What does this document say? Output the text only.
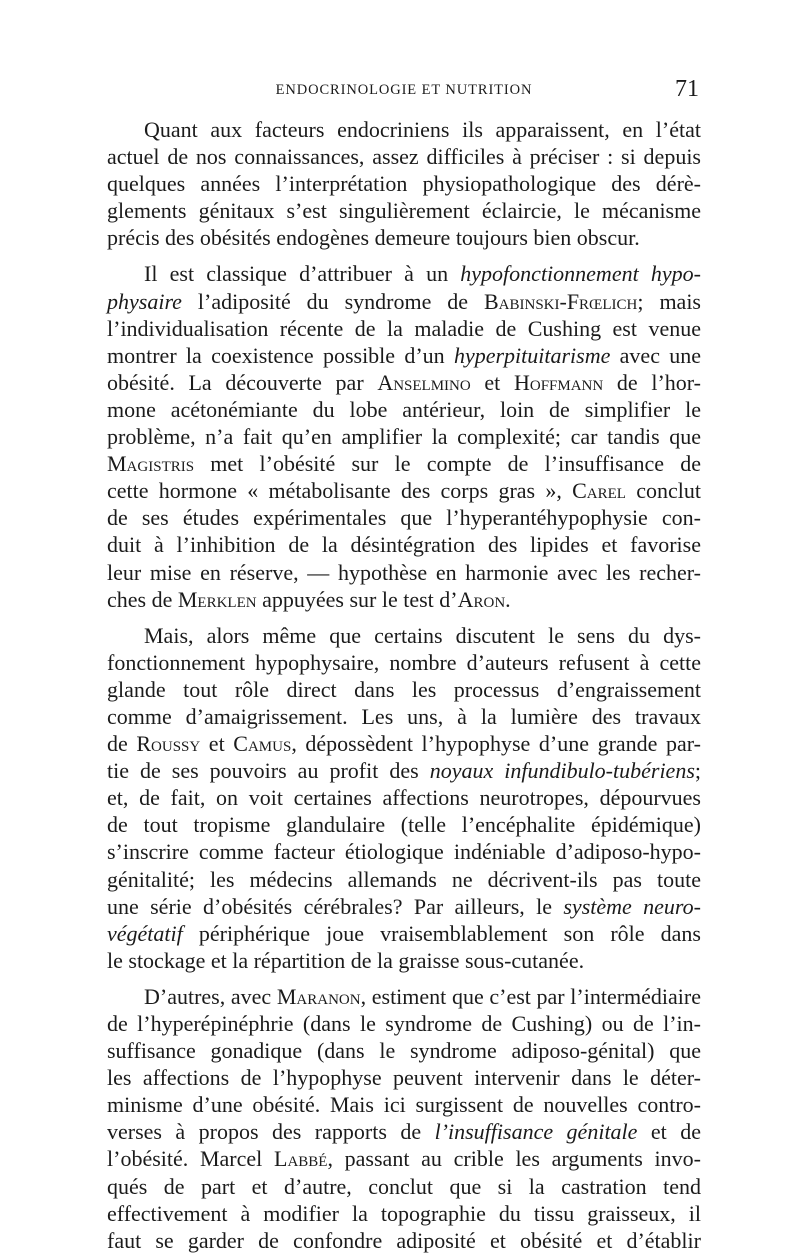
ENDOCRINOLOGIE ET NUTRITION	71
Quant aux facteurs endocriniens ils apparaissent, en l’état
actuel de nos connaissances, assez difficiles à préciser : si depuis
quelques années l’interprétation physiopathologique des dérè-
glements génitaux s’est singulièrement éclaircie, le mécanisme
précis des obésités endogènes demeure toujours bien obscur.
Il est classique d’attribuer à un hypofonctionnement hypo-
physaire l’adiposité du syndrome de Babinski-Frœlich; mais
l’individualisation récente de la maladie de Cushing est venue
montrer la coexistence possible d’un hyperpituitarisme avec une
obésité. La découverte par Anselmino et Hoffmann de l’hor-
mone acétonémiante du lobe antérieur, loin de simplifier le
problème, n’a fait qu’en amplifier la complexité; car tandis que
Magistris met l’obésité sur le compte de l’insuffisance de
cette hormone « métabolisante des corps gras », Carel conclut
de ses études expérimentales que l’hyperantéhypophysie con-
duit à l’inhibition de la désintégration des lipides et favorise
leur mise en réserve, — hypothèse en harmonie avec les recher-
ches de Merklen appuyées sur le test d’Aron.
Mais, alors même que certains discutent le sens du dys-
fonctionnement hypophysaire, nombre d’auteurs refusent à cette
glande tout rôle direct dans les processus d’engraissement
comme d’amaigrissement. Les uns, à la lumière des travaux
de Roussy et Camus, dépossèdent l’hypophyse d’une grande par-
tie de ses pouvoirs au profit des noyaux infundibulo-tubériens;
et, de fait, on voit certaines affections neurotropes, dépourvues
de tout tropisme glandulaire (telle l’encéphalite épidémique)
s’inscrire comme facteur étiologique indéniable d’adiposo-hypo-
génitalité; les médecins allemands ne décrivent-ils pas toute
une série d’obésités cérébrales? Par ailleurs, le système neuro-
végétatif périphérique joue vraisemblablement son rôle dans
le stockage et la répartition de la graisse sous-cutanée.
D’autres, avec Maranon, estiment que c’est par l’intermédiaire
de l’hyperépinéphrie (dans le syndrome de Cushing) ou de l’in-
suffisance gonadique (dans le syndrome adiposo-génital) que
les affections de l’hypophyse peuvent intervenir dans le déter-
minisme d’une obésité. Mais ici surgissent de nouvelles contro-
verses à propos des rapports de l’insuffisance génitale et de
l’obésité. Marcel Labbé, passant au crible les arguments invo-
qués de part et d’autre, conclut que si la castration tend
effectivement à modifier la topographie du tissu graisseux, il
faut se garder de confondre adiposité et obésité et d’établir
